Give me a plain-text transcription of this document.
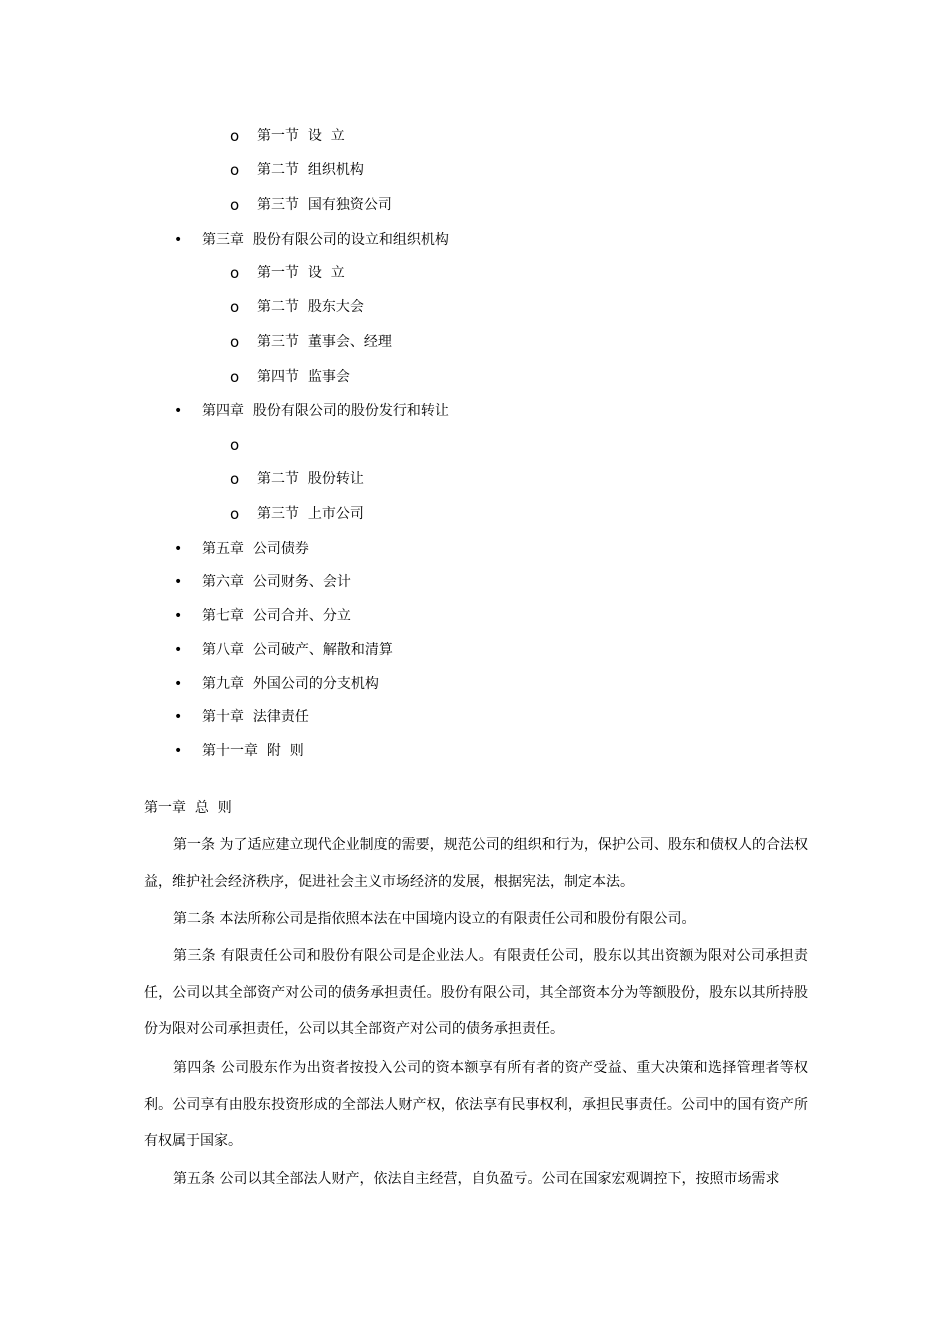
o 第一节  设  立
o 第二节  组织机构
o 第三节  国有独资公司
• 第三章  股份有限公司的设立和组织机构
o 第一节  设  立
o 第二节  股东大会
o 第三节  董事会、经理
o 第四节  监事会
• 第四章  股份有限公司的股份发行和转让
o
o 第二节  股份转让
o 第三节  上市公司
• 第五章  公司债券
• 第六章  公司财务、会计
• 第七章  公司合并、分立
• 第八章  公司破产、解散和清算
• 第九章  外国公司的分支机构
• 第十章  法律责任
• 第十一章  附  则
第一章  总  则

第一条 为了适应建立现代企业制度的需要，规范公司的组织和行为，保护公司、股东和债权人的合法权益，维护社会经济秩序，促进社会主义市场经济的发展，根据宪法，制定本法。

第二条 本法所称公司是指依照本法在中国境内设立的有限责任公司和股份有限公司。

第三条 有限责任公司和股份有限公司是企业法人。有限责任公司，股东以其出资额为限对公司承担责任，公司以其全部资产对公司的债务承担责任。股份有限公司，其全部资本分为等额股份，股东以其所持股份为限对公司承担责任，公司以其全部资产对公司的债务承担责任。

第四条 公司股东作为出资者按投入公司的资本额享有所有者的资产受益、重大决策和选择管理者等权利。公司享有由股东投资形成的全部法人财产权，依法享有民事权利，承担民事责任。公司中的国有资产所有权属于国家。

第五条 公司以其全部法人财产，依法自主经营，自负盈亏。公司在国家宏观调控下，按照市场需求
